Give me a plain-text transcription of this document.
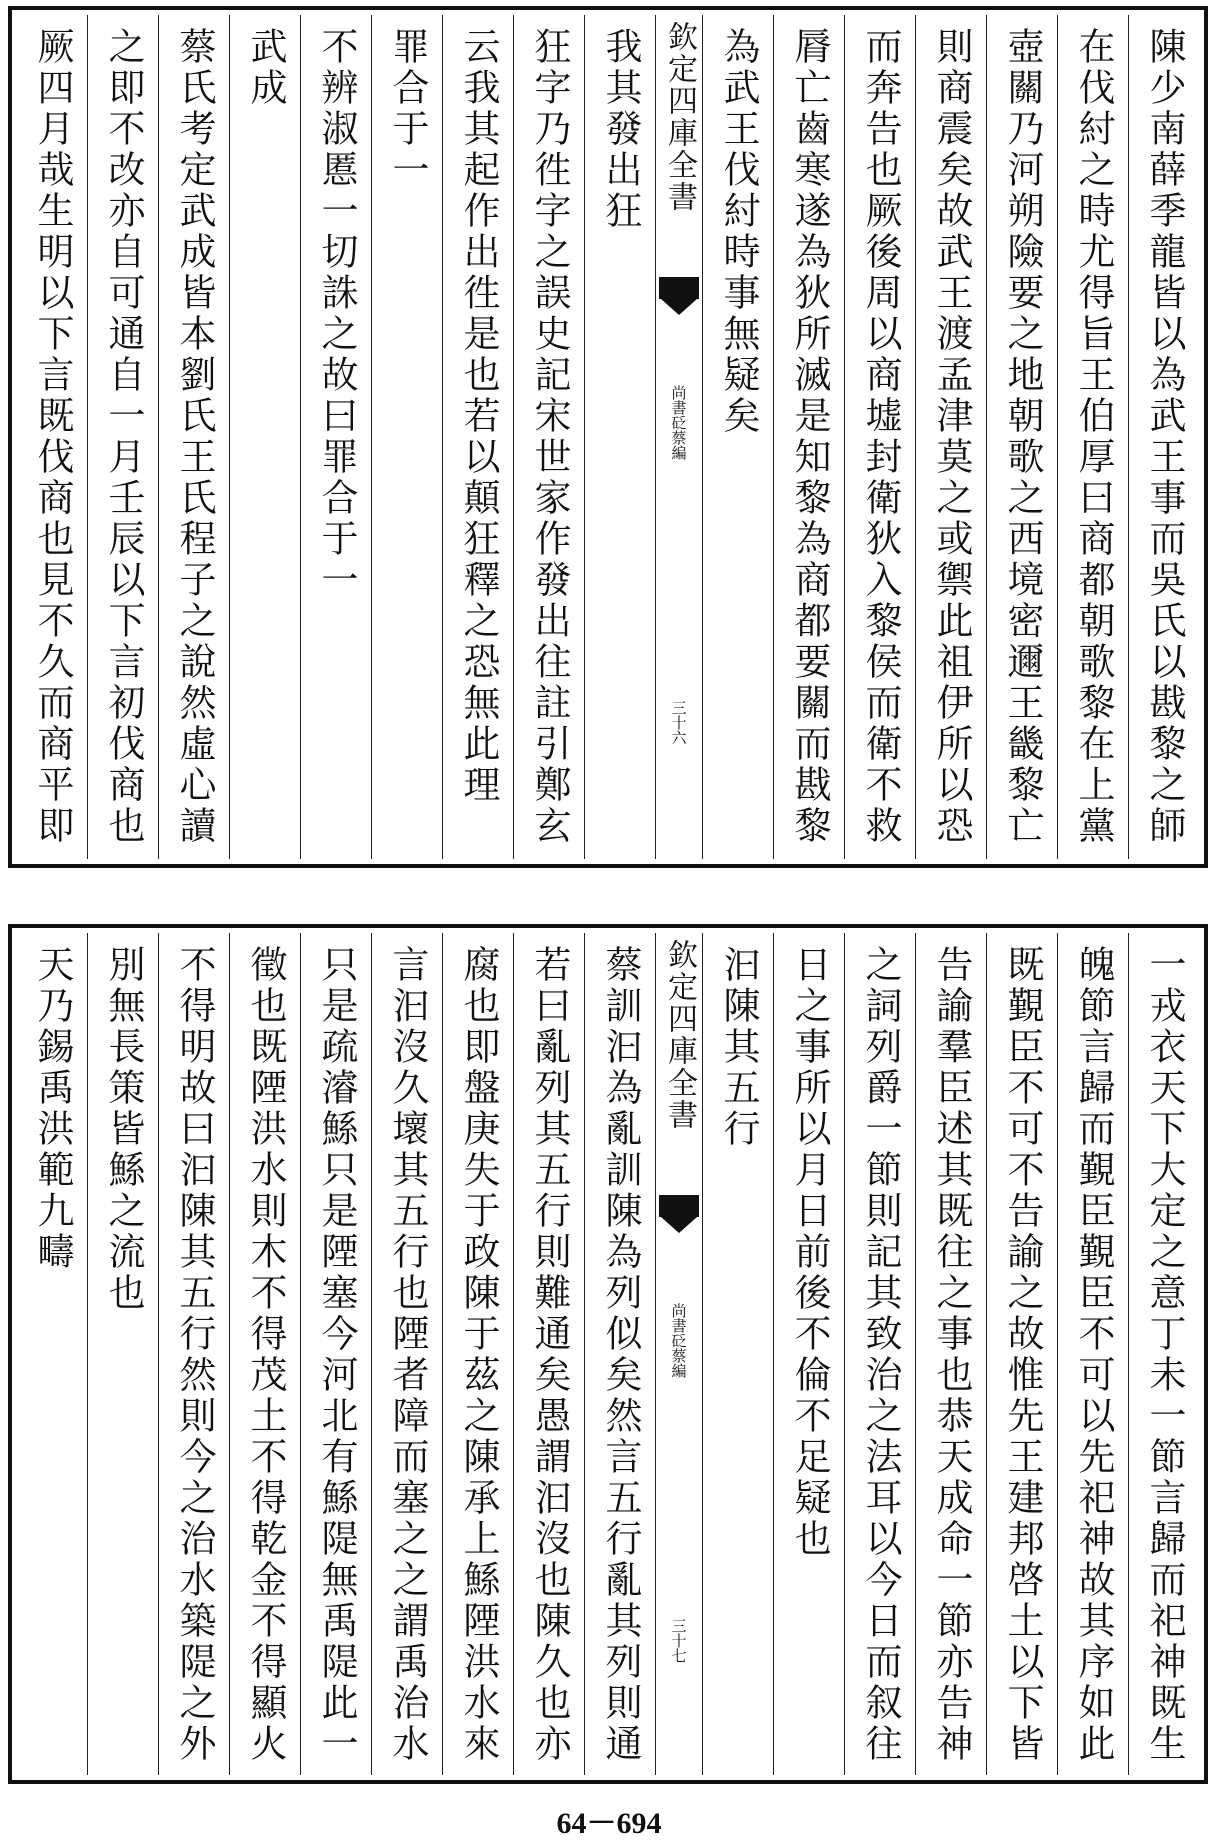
陳少南薛季龍皆以為武王事而吳氏以戡黎之師
在伐紂之時尤得旨王伯厚曰商都朝歌黎在上黨
壺關乃河朔險要之地朝歌之西境密邇王畿黎亡
則商震矣故武王渡孟津莫之或禦此祖伊所以恐
而奔告也厥後周以商墟封衛狄入黎侯而衛不救
脣亡齒寒遂為狄所滅是知黎為商都要關而戡黎
為武王伐紂時事無疑矣
欽定四庫全書
尚書砭蔡編
三十六
我其發出狂
狂字乃徃字之誤史記宋世家作發出往註引鄭玄
云我其起作出徃是也若以顛狂釋之恐無此理
罪合于一
不辨淑慝一切誅之故曰罪合于一
武成
蔡氏考定武成皆本劉氏王氏程子之說然虛心讀
之即不改亦自可通自一月壬辰以下言初伐商也
厥四月哉生明以下言既伐商也見不久而商平即
一戎衣天下大定之意丁未一節言歸而祀神既生
魄節言歸而覲臣覲臣不可以先祀神故其序如此
既覲臣不可不告諭之故惟先王建邦啓土以下皆
告諭羣臣述其既往之事也恭天成命一節亦告神
之詞列爵一節則記其致治之法耳以今日而叙往
日之事所以月日前後不倫不足疑也
汩陳其五行
欽定四庫全書
尚書砭蔡編
三十七
蔡訓汩為亂訓陳為列似矣然言五行亂其列則通
若曰亂列其五行則難通矣愚謂汩沒也陳久也亦
腐也即盤庚失于政陳于茲之陳承上鯀陻洪水來
言汩沒久壞其五行也陻者障而塞之之謂禹治水
只是疏濬鯀只是陻塞今河北有鯀隄無禹隄此一
徵也既陻洪水則木不得茂土不得乾金不得顯火
不得明故曰汩陳其五行然則今之治水築隄之外
別無長策皆鯀之流也
天乃錫禹洪範九疇
64－694
